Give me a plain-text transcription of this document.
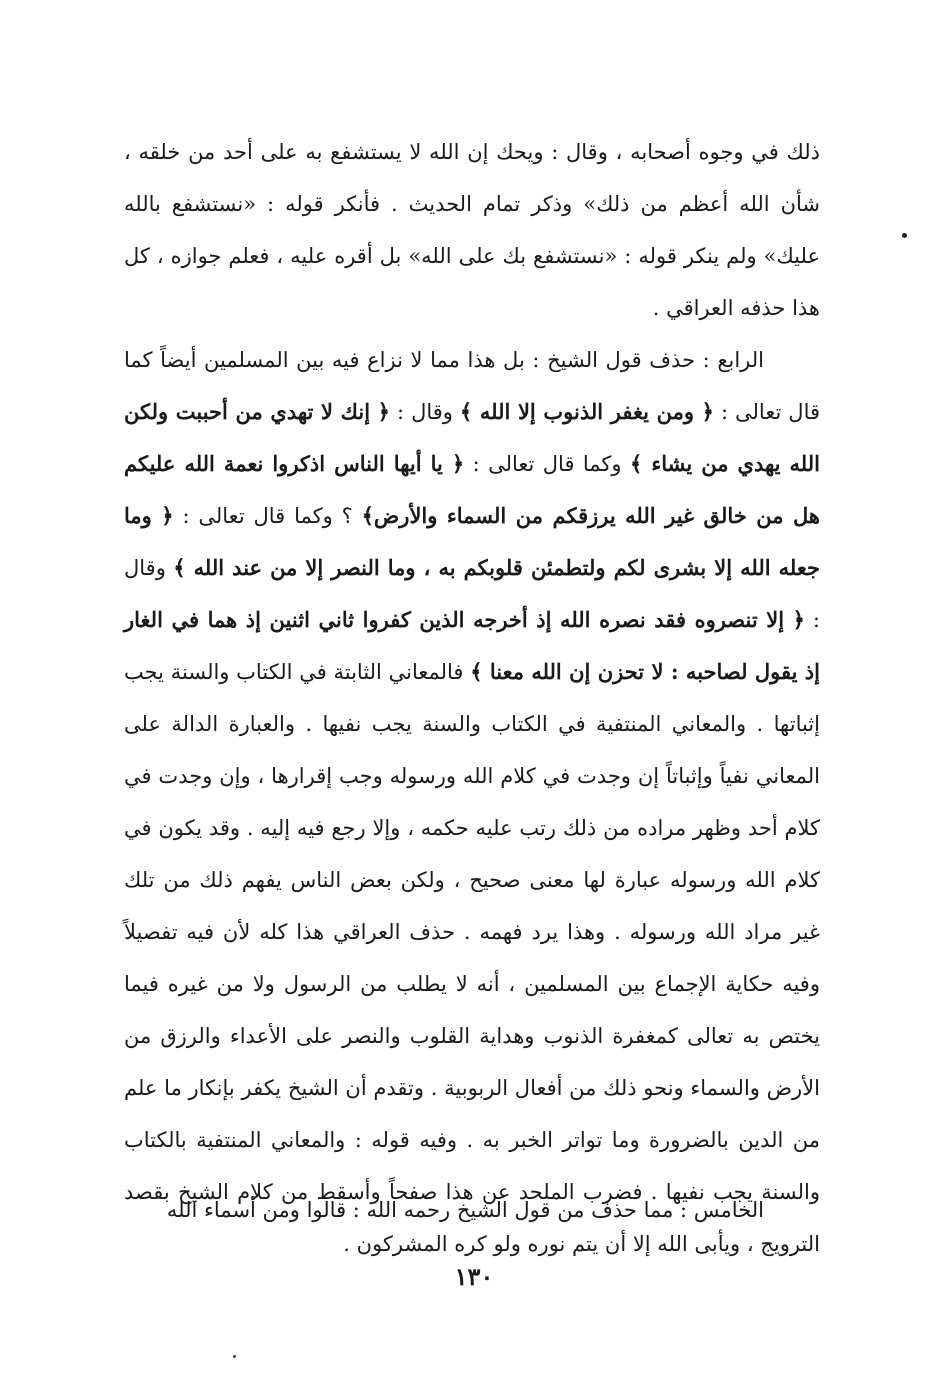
ذلك في وجوه أصحابه ، وقال : ويحك إن الله لا يستشفع به على أحد من خلقه ، شأن الله أعظم من ذلك» وذكر تمام الحديث . فأنكر قوله : «نستشفع بالله عليك» ولم ينكر قوله : «نستشفع بك على الله» بل أقره عليه ، فعلم جوازه ، كل هذا حذفه العراقي .

الرابع : حذف قول الشيخ : بل هذا مما لا نزاع فيه بين المسلمين أيضاً كما قال تعالى : ﴿ ومن يغفر الذنوب إلا الله ﴾ وقال : ﴿ إنك لا تهدي من أحببت ولكن الله يهدي من يشاء ﴾ وكما قال تعالى : ﴿ يا أيها الناس اذكروا نعمة الله عليكم هل من خالق غير الله يرزقكم من السماء والأرض﴾ ؟ وكما قال تعالى : ﴿ وما جعله الله إلا بشرى لكم ولتطمئن قلوبكم به ، وما النصر إلا من عند الله ﴾ وقال : ﴿ إلا تنصروه فقد نصره الله إذ أخرجه الذين كفروا ثاني اثنين إذ هما في الغار إذ يقول لصاحبه : لا تحزن إن الله معنا ﴾ فالمعاني الثابتة في الكتاب والسنة يجب إثباتها . والمعاني المنتفية في الكتاب والسنة يجب نفيها . والعبارة الدالة على المعاني نفياً وإثباتاً إن وجدت في كلام الله ورسوله وجب إقرارها ، وإن وجدت في كلام أحد وظهر مراده من ذلك رتب عليه حكمه ، وإلا رجع فيه إليه . وقد يكون في كلام الله ورسوله عبارة لها معنى صحيح ، ولكن بعض الناس يفهم ذلك من تلك غير مراد الله ورسوله . وهذا يرد فهمه . حذف العراقي هذا كله لأن فيه تفصيلاً وفيه حكاية الإجماع بين المسلمين ، أنه لا يطلب من الرسول ولا من غيره فيما يختص به تعالى كمغفرة الذنوب وهداية القلوب والنصر على الأعداء والرزق من الأرض والسماء ونحو ذلك من أفعال الربوبية . وتقدم أن الشيخ يكفر بإنكار ما علم من الدين بالضرورة وما تواتر الخبر به . وفيه قوله : والمعاني المنتفية بالكتاب والسنة يجب نفيها . فضرب الملحد عن هذا صفحاً وأسقط من كلام الشيخ بقصد الترويج ، ويأبى الله إلا أن يتم نوره ولو كره المشركون .

الخامس : مما حذف من قول الشيخ رحمه الله : قالوا ومن أسماء الله

١٣٠
